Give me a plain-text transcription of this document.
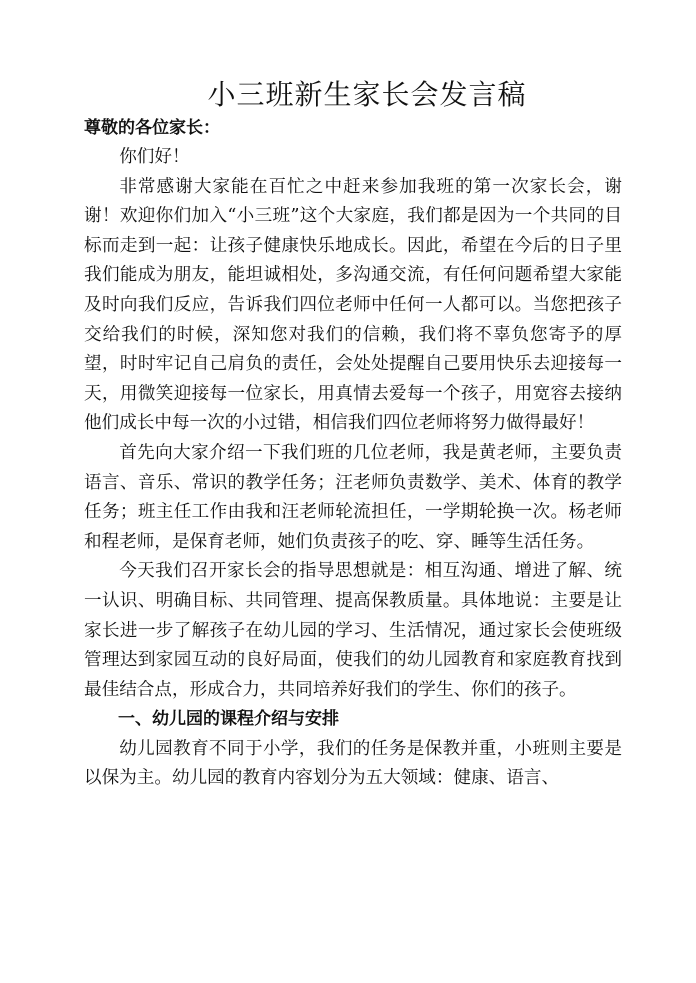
小三班新生家长会发言稿

尊敬的各位家长：

你们好！

非常感谢大家能在百忙之中赶来参加我班的第一次家长会，谢谢！欢迎你们加入“小三班”这个大家庭，我们都是因为一个共同的目标而走到一起：让孩子健康快乐地成长。因此，希望在今后的日子里我们能成为朋友，能坦诚相处，多沟通交流，有任何问题希望大家能及时向我们反应，告诉我们四位老师中任何一人都可以。当您把孩子交给我们的时候，深知您对我们的信赖，我们将不辜负您寄予的厚望，时时牢记自己肩负的责任，会处处提醒自己要用快乐去迎接每一天，用微笑迎接每一位家长，用真情去爱每一个孩子，用宽容去接纳他们成长中每一次的小过错，相信我们四位老师将努力做得最好！

首先向大家介绍一下我们班的几位老师，我是黄老师，主要负责语言、音乐、常识的教学任务；汪老师负责数学、美术、体育的教学任务；班主任工作由我和汪老师轮流担任，一学期轮换一次。杨老师和程老师，是保育老师，她们负责孩子的吃、穿、睡等生活任务。

今天我们召开家长会的指导思想就是：相互沟通、增进了解、统一认识、明确目标、共同管理、提高保教质量。具体地说：主要是让家长进一步了解孩子在幼儿园的学习、生活情况，通过家长会使班级管理达到家园互动的良好局面，使我们的幼儿园教育和家庭教育找到最佳结合点，形成合力，共同培养好我们的学生、你们的孩子。

一、幼儿园的课程介绍与安排

幼儿园教育不同于小学，我们的任务是保教并重，小班则主要是以保为主。幼儿园的教育内容划分为五大领域：健康、语言、
